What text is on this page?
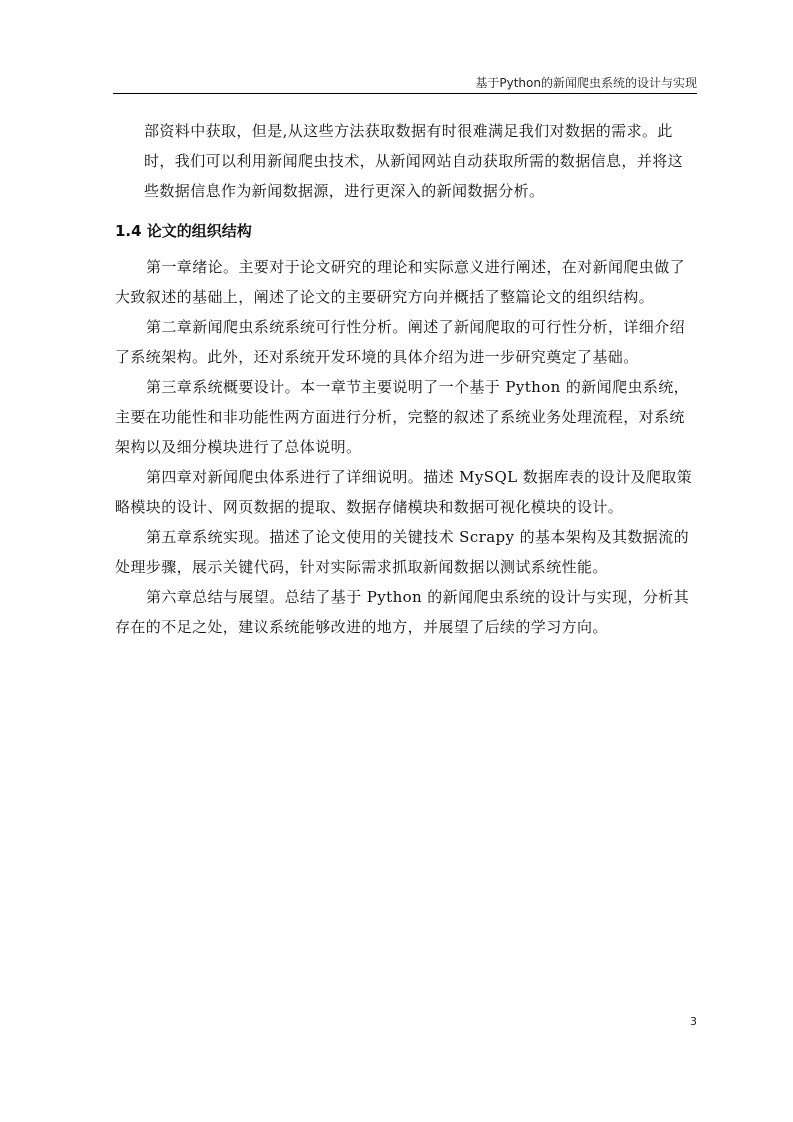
基于Python的新闻爬虫系统的设计与实现
部资料中获取，但是,从这些方法获取数据有时很难满足我们对数据的需求。此
时，我们可以利用新闻爬虫技术，从新闻网站自动获取所需的数据信息，并将这
些数据信息作为新闻数据源，进行更深入的新闻数据分析。
1.4 论文的组织结构
第一章绪论。主要对于论文研究的理论和实际意义进行阐述，在对新闻爬虫做了
大致叙述的基础上，阐述了论文的主要研究方向并概括了整篇论文的组织结构。
第二章新闻爬虫系统系统可行性分析。阐述了新闻爬取的可行性分析，详细介绍
了系统架构。此外，还对系统开发环境的具体介绍为进一步研究奠定了基础。
第三章系统概要设计。本一章节主要说明了一个基于 Python 的新闻爬虫系统，
主要在功能性和非功能性两方面进行分析，完整的叙述了系统业务处理流程，对系统
架构以及细分模块进行了总体说明。
第四章对新闻爬虫体系进行了详细说明。描述 MySQL 数据库表的设计及爬取策
略模块的设计、网页数据的提取、数据存储模块和数据可视化模块的设计。
第五章系统实现。描述了论文使用的关键技术 Scrapy 的基本架构及其数据流的
处理步骤，展示关键代码，针对实际需求抓取新闻数据以测试系统性能。
第六章总结与展望。总结了基于 Python 的新闻爬虫系统的设计与实现，分析其
存在的不足之处，建议系统能够改进的地方，并展望了后续的学习方向。
3
